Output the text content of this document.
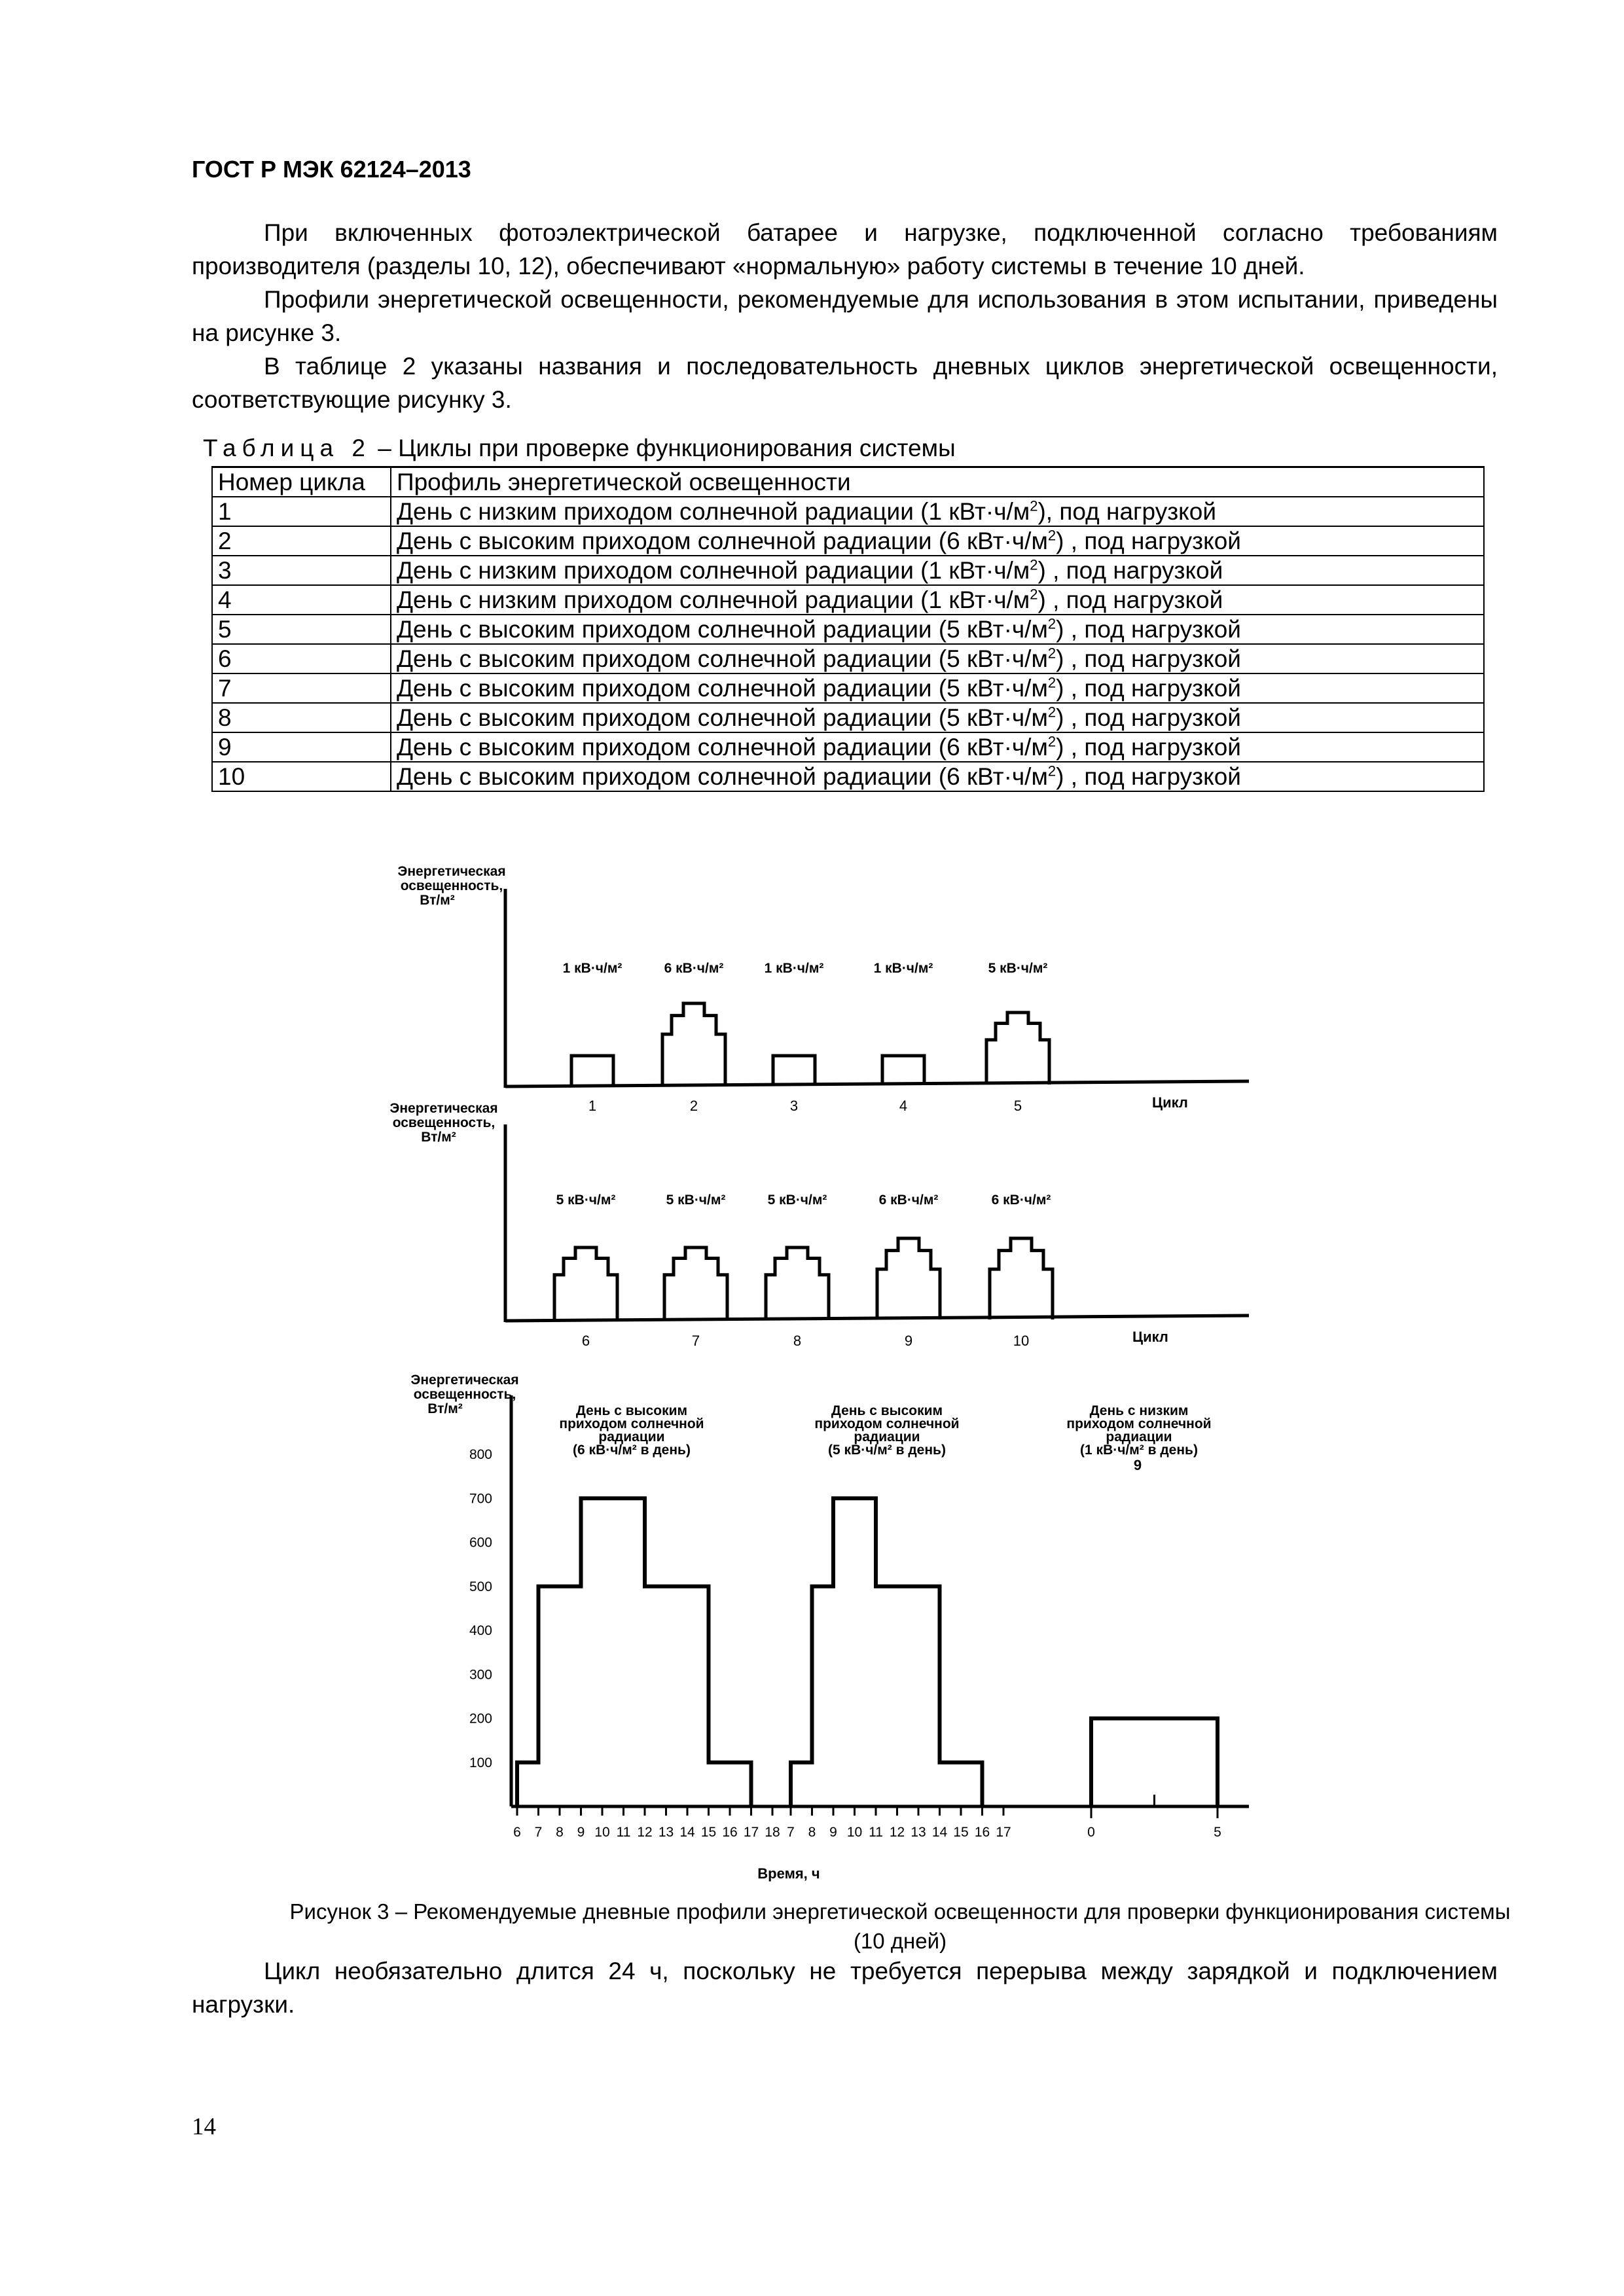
ГОСТ Р МЭК 62124–2013

При включенных фотоэлектрической батарее и нагрузке, подключенной согласно требованиям производителя (разделы 10, 12), обеспечивают «нормальную» работу системы в течение 10 дней.

Профили энергетической освещенности, рекомендуемые для использования в этом испытании, приведены на рисунке 3.

В таблице 2 указаны названия и последовательность дневных циклов энергетической освещенности, соответствующие рисунку 3.

Таблица 2 – Циклы при проверке функционирования системы
Номер цикла	Профиль энергетической освещенности
1	День с низким приходом солнечной радиации (1 $кВт\cdot ч/м^2$), под нагрузкой
2	День с высоким приходом солнечной радиации (6 $кВт\cdot ч/м^2$) , под нагрузкой
3	День с низким приходом солнечной радиации (1 $кВт\cdot ч/м^2$) , под нагрузкой
4	День с низким приходом солнечной радиации (1 $кВт\cdot ч/м^2$) , под нагрузкой
5	День с высоким приходом солнечной радиации (5 $кВт\cdot ч/м^2$) , под нагрузкой
6	День с высоким приходом солнечной радиации (5 $кВт\cdot ч/м^2$) , под нагрузкой
7	День с высоким приходом солнечной радиации (5 $кВт\cdot ч/м^2$) , под нагрузкой
8	День с высоким приходом солнечной радиации (5 $кВт\cdot ч/м^2$) , под нагрузкой
9	День с высоким приходом солнечной радиации (6 $кВт\cdot ч/м^2$) , под нагрузкой
10	День с высоким приходом солнечной радиации (6 $кВт\cdot ч/м^2$) , под нагрузкой
Энергетическая
освещенность,
Вт/м²
1
1 кВ·ч/м²
2
6 кВ·ч/м²
3
1 кВ·ч/м²
4
1 кВ·ч/м²
5
5 кВ·ч/м²
Цикл
Энергетическая
освещенность,
Вт/м²
6
5 кВ·ч/м²
7
5 кВ·ч/м²
8
5 кВ·ч/м²
9
6 кВ·ч/м²
10
6 кВ·ч/м²
Цикл
Энергетическая
освещенность,
Вт/м²
800
700
600
500
400
300
200
100
День с высоким
приходом солнечной
радиации
(6 кВ·ч/м² в день)
День с высоким
приходом солнечной
радиации
(5 кВ·ч/м² в день)
День с низким
приходом солнечной
радиации
(1 кВ·ч/м² в день)
9
6 7 8 9 10 11 12 13 14 15 16 17 18 7 8 9 10 11 12 13 14 15 16 17	0	5
Время, ч
Рисунок 3 – Рекомендуемые дневные профили энергетической освещенности для проверки функционирования системы (10 дней)

Цикл необязательно длится 24 ч, поскольку не требуется перерыва между зарядкой и подключением нагрузки.

14
